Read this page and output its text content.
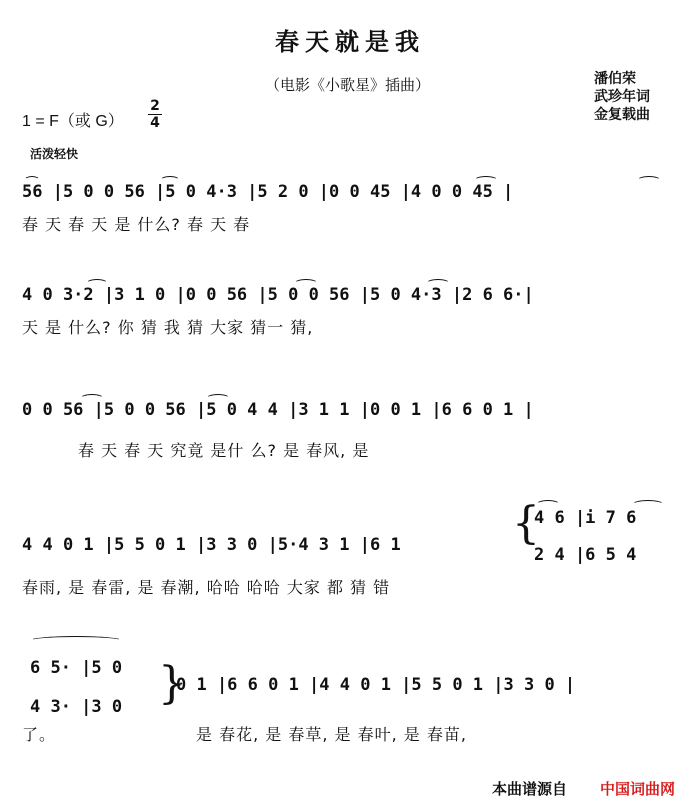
春天就是我
（电影《小歌星》插曲）	潘伯荣
武珍年词
金复载曲
1 = F（或 G）
2
4
活泼轻快
56 |5 0 0 56 |5 0 4·3 |5 2 0 |0 0 45 |4 0 0 45 |
春 天 春 天 是 什么? 春 天 春
4 0 3·2 |3 1 0 |0 0 56 |5 0 0 56 |5 0 4·3 |2 6 6·|
天 是 什么? 你 猜 我 猜 大家 猜一 猜,
0 0 56 |5 0 0 56 |5 0 4 4 |3 1 1 |0 0 1 |6 6 0 1 |
春 天 春 天 究竟 是什 么? 是 春风, 是
4 4 0 1 |5 5 0 1 |3 3 0 |5·4 3 1 |6 1	{
4 6 |i 7 6
2 4 |6 5 4
春雨, 是 春雷, 是 春潮, 哈哈 哈哈 大家 都 猜 错
6 5· |5 0
4 3· |3 0 }
0 1 |6 6 0 1 |4 4 0 1 |5 5 0 1 |3 3 0 |
了。	是 春花, 是 春草, 是 春叶, 是 春苗,
本曲谱源自 中国词曲网
